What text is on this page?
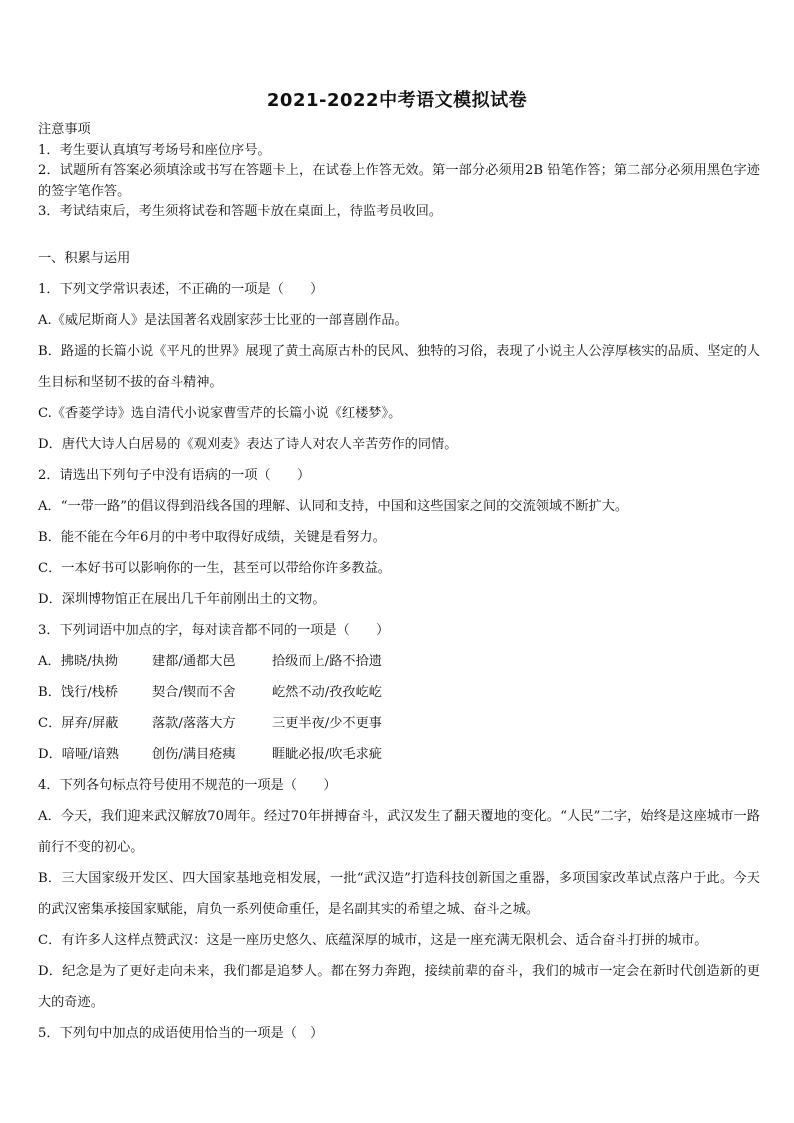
2021-2022中考语文模拟试卷
注意事项
1．考生要认真填写考场号和座位序号。
2．试题所有答案必须填涂或书写在答题卡上，在试卷上作答无效。第一部分必须用2B 铅笔作答；第二部分必须用黑色字迹的签字笔作答。
3．考试结束后，考生须将试卷和答题卡放在桌面上，待监考员收回。
一、积累与运用
1．下列文学常识表述，不正确的一项是（　　）
A.《威尼斯商人》是法国著名戏剧家莎士比亚的一部喜剧作品。
B．路遥的长篇小说《平凡的世界》展现了黄土高原古朴的民风、独特的习俗，表现了小说主人公淳厚核实的品质、坚定的人生目标和坚韧不拔的奋斗精神。
C.《香菱学诗》选自清代小说家曹雪芹的长篇小说《红楼梦》。
D．唐代大诗人白居易的《观刈麦》表达了诗人对农人辛苦劳作的同情。
2．请选出下列句子中没有语病的一项（　　）
A．“一带一路”的倡议得到沿线各国的理解、认同和支持，中国和这些国家之间的交流领域不断扩大。
B．能不能在今年6月的中考中取得好成绩，关键是看努力。
C．一本好书可以影响你的一生，甚至可以带给你许多教益。
D．深圳博物馆正在展出几千年前刚出土的文物。
3．下列词语中加点的字，每对读音都不同的一项是（　　）
A．拂晓/执拗	建都/通都大邑	拾级而上/路不拾遗
B．饯行/栈桥	契合/锲而不舍	屹然不动/孜孜屹屹
C．屏弃/屏蔽	落款/落落大方	三更半夜/少不更事
D．喑哑/谙熟	创伤/满目疮痍	睚眦必报/吹毛求疵
4．下列各句标点符号使用不规范的一项是（　　）
A．今天，我们迎来武汉解放70周年。经过70年拼搏奋斗，武汉发生了翻天覆地的变化。“人民”二字，始终是这座城市一路前行不变的初心。
B．三大国家级开发区、四大国家基地竞相发展，一批“武汉造”打造科技创新国之重器，多项国家改革试点落户于此。今天的武汉密集承接国家赋能，肩负一系列使命重任，是名副其实的希望之城、奋斗之城。
C．有许多人这样点赞武汉：这是一座历史悠久、底蕴深厚的城市，这是一座充满无限机会、适合奋斗打拼的城市。
D．纪念是为了更好走向未来，我们都是追梦人。都在努力奔跑，接续前辈的奋斗，我们的城市一定会在新时代创造新的更大的奇迹。
5．下列句中加点的成语使用恰当的一项是（　）
